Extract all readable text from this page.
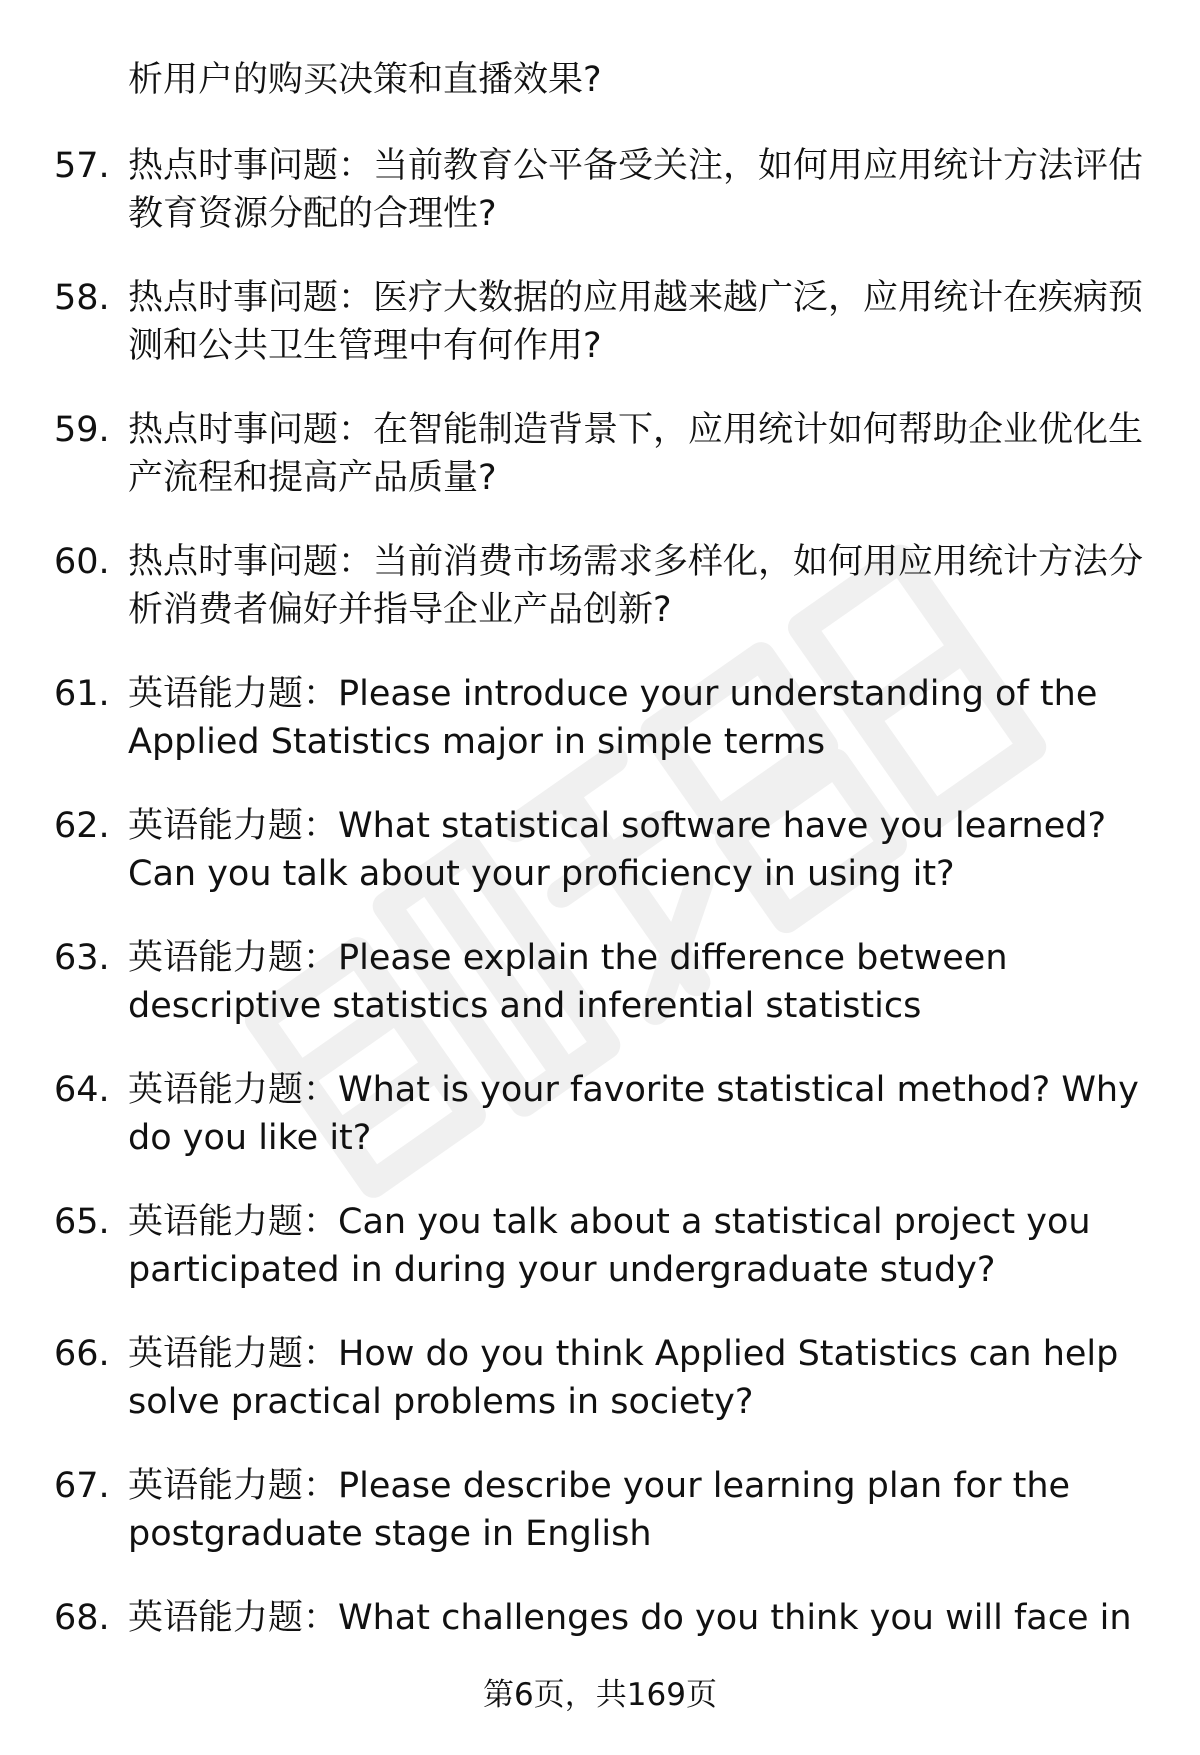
析用户的购买决策和直播效果?

57. 热点时事问题：当前教育公平备受关注，如何用应用统计方法评估教育资源分配的合理性?
58. 热点时事问题：医疗大数据的应用越来越广泛，应用统计在疾病预测和公共卫生管理中有何作用?
59. 热点时事问题：在智能制造背景下，应用统计如何帮助企业优化生产流程和提高产品质量?
60. 热点时事问题：当前消费市场需求多样化，如何用应用统计方法分析消费者偏好并指导企业产品创新?
61. 英语能力题：Please introduce your understanding of the Applied Statistics major in simple terms
62. 英语能力题：What statistical software have you learned? Can you talk about your proficiency in using it?
63. 英语能力题：Please explain the difference between descriptive statistics and inferential statistics
64. 英语能力题：What is your favorite statistical method? Why do you like it?
65. 英语能力题：Can you talk about a statistical project you participated in during your undergraduate study?
66. 英语能力题：How do you think Applied Statistics can help solve practical problems in society?
67. 英语能力题：Please describe your learning plan for the postgraduate stage in English
68. 英语能力题：What challenges do you think you will face in
第6页，共169页
